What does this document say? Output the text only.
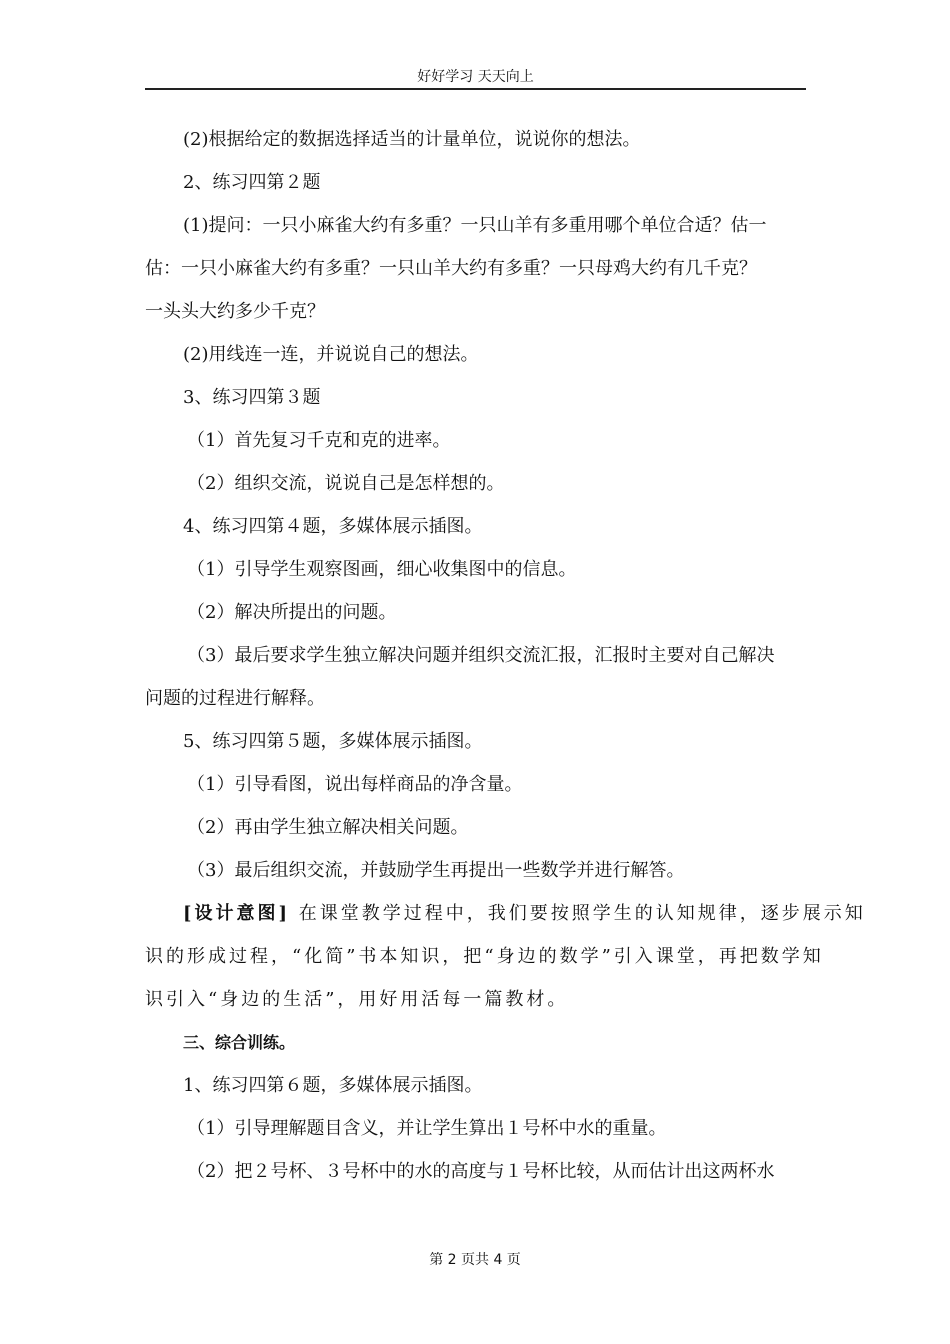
好好学习 天天向上

(2)根据给定的数据选择适当的计量单位，说说你的想法。

2、练习四第２题

(1)提问：一只小麻雀大约有多重？一只山羊有多重用哪个单位合适？估一

估：一只小麻雀大约有多重？一只山羊大约有多重？一只母鸡大约有几千克？

一头头大约多少千克？

(2)用线连一连，并说说自己的想法。

3、练习四第３题

（1）首先复习千克和克的进率。

（2）组织交流，说说自己是怎样想的。

4、练习四第４题，多媒体展示插图。

（1）引导学生观察图画，细心收集图中的信息。

（2）解决所提出的问题。

（3）最后要求学生独立解决问题并组织交流汇报，汇报时主要对自己解决

问题的过程进行解释。

5、练习四第５题，多媒体展示插图。

（1）引导看图，说出每样商品的净含量。

（2）再由学生独立解决相关问题。

（3）最后组织交流，并鼓励学生再提出一些数学并进行解答。

[设计意图] 在课堂教学过程中，我们要按照学生的认知规律，逐步展示知

识的形成过程，“化简”书本知识，把“身边的数学”引入课堂，再把数学知

识引入“身边的生活”，用好用活每一篇教材。

三、综合训练。

1、练习四第６题，多媒体展示插图。

（1）引导理解题目含义，并让学生算出１号杯中水的重量。

（2）把２号杯、３号杯中的水的高度与１号杯比较，从而估计出这两杯水

第 2 页共 4 页
